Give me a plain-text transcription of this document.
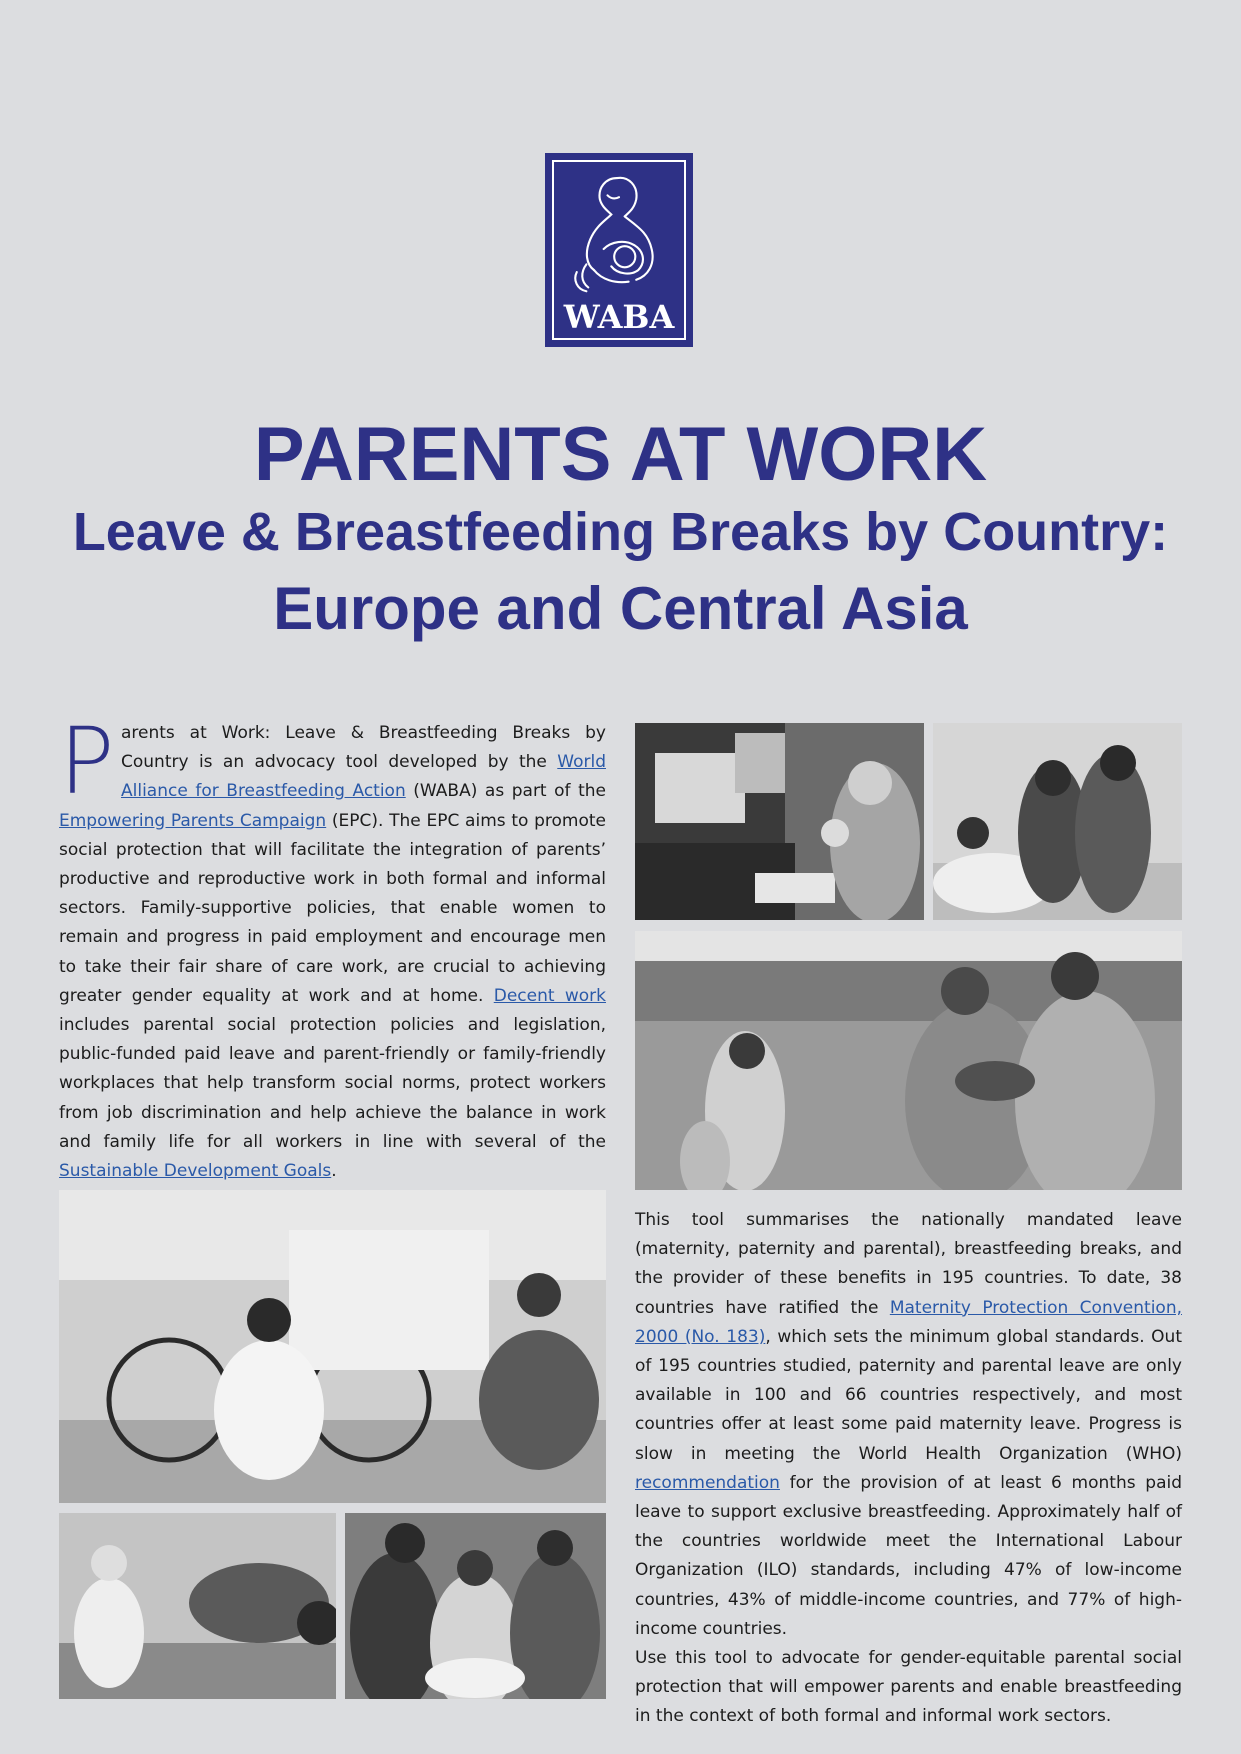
WABA
PARENTS AT WORK
Leave & Breastfeeding Breaks by Country:
Europe and Central Asia

Parents at Work: Leave & Breastfeeding Breaks by Country is an advocacy tool developed by the World Alliance for Breastfeeding Action (WABA) as part of the Empowering Parents Campaign (EPC). The EPC aims to promote social protection that will facilitate the integration of parents’ productive and reproductive work in both formal and informal sectors. Family-supportive policies, that enable women to remain and progress in paid employment and encourage men to take their fair share of care work, are crucial to achieving greater gender equality at work and at home. Decent work includes parental social protection policies and legislation, public-funded paid leave and parent-friendly or family-friendly workplaces that help transform social norms, protect workers from job discrimination and help achieve the balance in work and family life for all workers in line with several of the Sustainable Development Goals.

This tool summarises the nationally mandated leave (maternity, paternity and parental), breastfeeding breaks, and the provider of these benefits in 195 countries. To date, 38 countries have ratified the Maternity Protection Convention, 2000 (No. 183), which sets the minimum global standards. Out of 195 countries studied, paternity and parental leave are only available in 100 and 66 countries respectively, and most countries offer at least some paid maternity leave. Progress is slow in meeting the World Health Organization (WHO) recommendation for the provision of at least 6 months paid leave to support exclusive breastfeeding. Approximately half of the countries worldwide meet the International Labour Organization (ILO) standards, including 47% of low-income countries, 43% of middle-income countries, and 77% of high-income countries.

Use this tool to advocate for gender-equitable parental social protection that will empower parents and enable breastfeeding in the context of both formal and informal work sectors.
